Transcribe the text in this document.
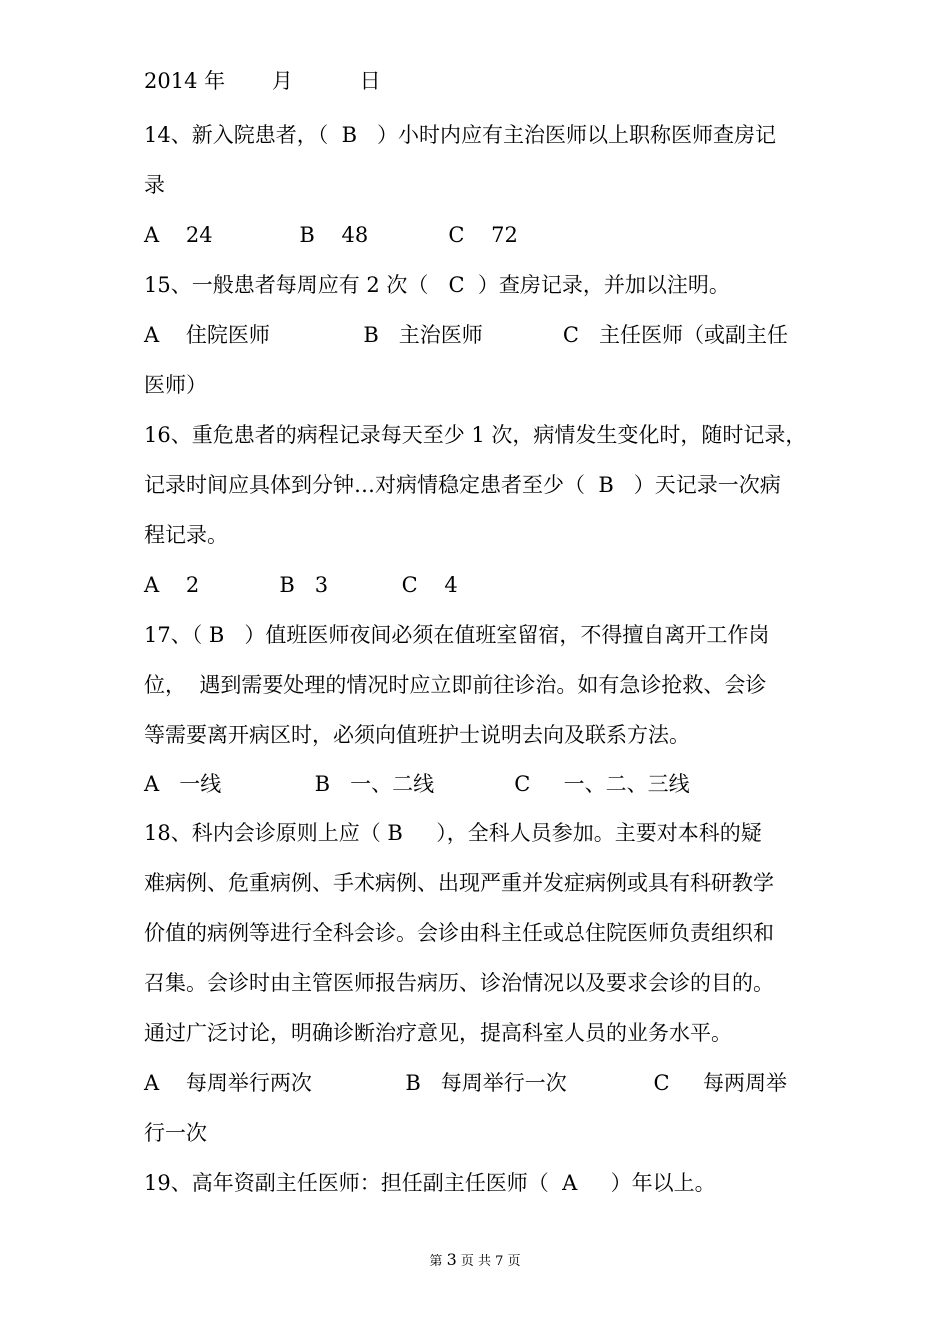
2014 年       月          日
14、新入院患者，（  B   ）小时内应有主治医师以上职称医师查房记
录
A    24             B    48            C    72
15、一般患者每周应有 2 次（   C  ）查房记录，并加以注明。
A    住院医师              B   主治医师            C   主任医师（或副主任
医师）
16、重危患者的病程记录每天至少 1 次，病情发生变化时，随时记录，
记录时间应具体到分钟…对病情稳定患者至少（  B   ）天记录一次病
程记录。
A    2            B   3           C    4
17、（ B   ）值班医师夜间必须在值班室留宿，不得擅自离开工作岗
位，  遇到需要处理的情况时应立即前往诊治。如有急诊抢救、会诊
等需要离开病区时，必须向值班护士说明去向及联系方法。
A   一线              B   一、二线            C     一、二、三线
18、科内会诊原则上应（ B     ），全科人员参加。主要对本科的疑
难病例、危重病例、手术病例、出现严重并发症病例或具有科研教学
价值的病例等进行全科会诊。会诊由科主任或总住院医师负责组织和
召集。会诊时由主管医师报告病历、诊治情况以及要求会诊的目的。
通过广泛讨论，明确诊断治疗意见，提高科室人员的业务水平。
A    每周举行两次              B   每周举行一次             C     每两周举
行一次
19、高年资副主任医师：担任副主任医师（  A     ）年以上。
第 3 页 共 7 页
